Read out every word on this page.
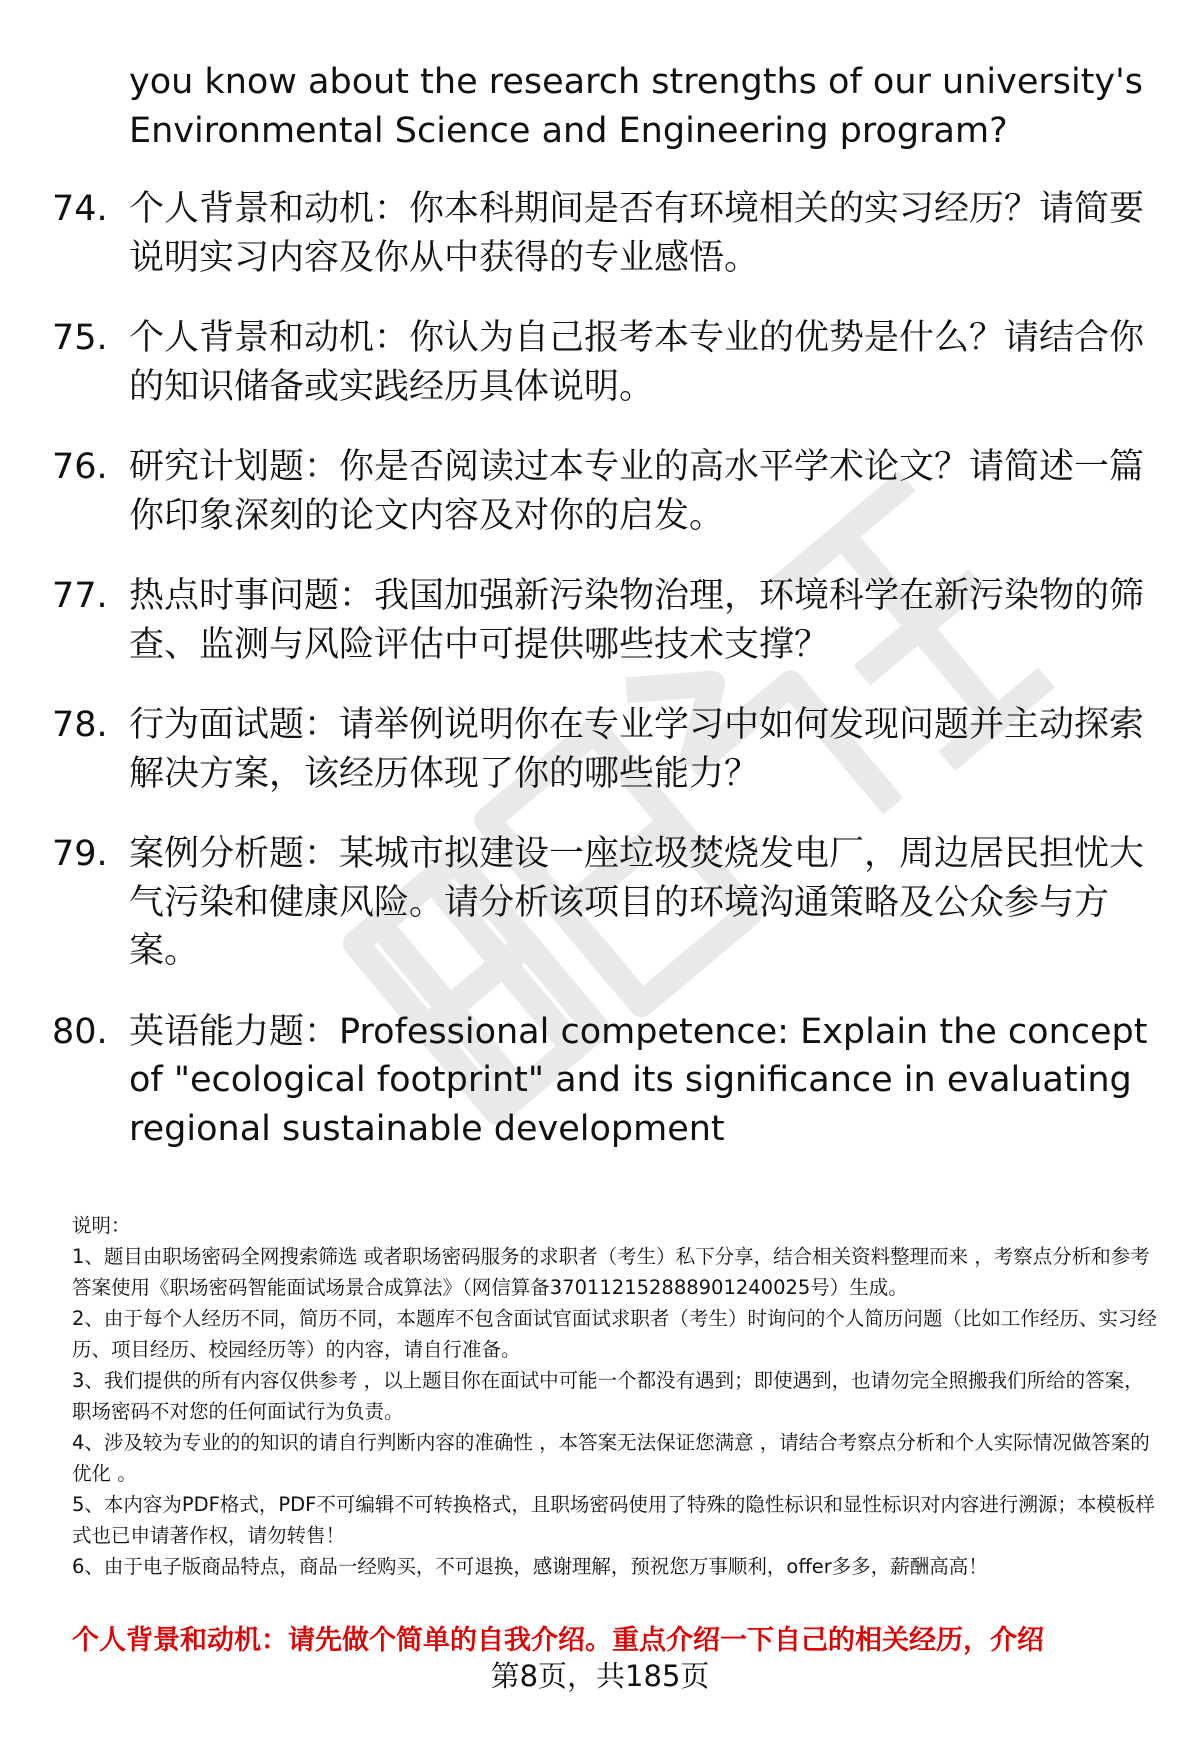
you know about the research strengths of our university's Environmental Science and Engineering program?
74. 个人背景和动机：你本科期间是否有环境相关的实习经历？请简要说明实习内容及你从中获得的专业感悟。
75. 个人背景和动机：你认为自己报考本专业的优势是什么？请结合你的知识储备或实践经历具体说明。
76. 研究计划题：你是否阅读过本专业的高水平学术论文？请简述一篇你印象深刻的论文内容及对你的启发。
77. 热点时事问题：我国加强新污染物治理，环境科学在新污染物的筛查、监测与风险评估中可提供哪些技术支撑？
78. 行为面试题：请举例说明你在专业学习中如何发现问题并主动探索解决方案，该经历体现了你的哪些能力？
79. 案例分析题：某城市拟建设一座垃圾焚烧发电厂，周边居民担忧大气污染和健康风险。请分析该项目的环境沟通策略及公众参与方案。
80. 英语能力题：Professional competence: Explain the concept of "ecological footprint" and its significance in evaluating regional sustainable development

说明：

1、题目由职场密码全网搜索筛选 或者职场密码服务的求职者（考生）私下分享，结合相关资料整理而来 ，考察点分析和参考答案使用《职场密码智能面试场景合成算法》（网信算备370112152888901240025号）生成。

2、由于每个人经历不同，简历不同，本题库不包含面试官面试求职者（考生）时询问的个人简历问题（比如工作经历、实习经历、项目经历、校园经历等）的内容，请自行准备。

3、我们提供的所有内容仅供参考 ，以上题目你在面试中可能一个都没有遇到；即使遇到，也请勿完全照搬我们所给的答案，职场密码不对您的任何面试行为负责。

4、涉及较为专业的的知识的请自行判断内容的准确性 ，本答案无法保证您满意 ，请结合考察点分析和个人实际情况做答案的优化 。

5、本内容为PDF格式，PDF不可编辑不可转换格式，且职场密码使用了特殊的隐性标识和显性标识对内容进行溯源；本模板样式也已申请著作权，请勿转售！

6、由于电子版商品特点，商品一经购买，不可退换，感谢理解，预祝您万事顺利，offer多多，薪酬高高！

个人背景和动机：请先做个简单的自我介绍。重点介绍一下自己的相关经历，介绍
第8页，共185页
